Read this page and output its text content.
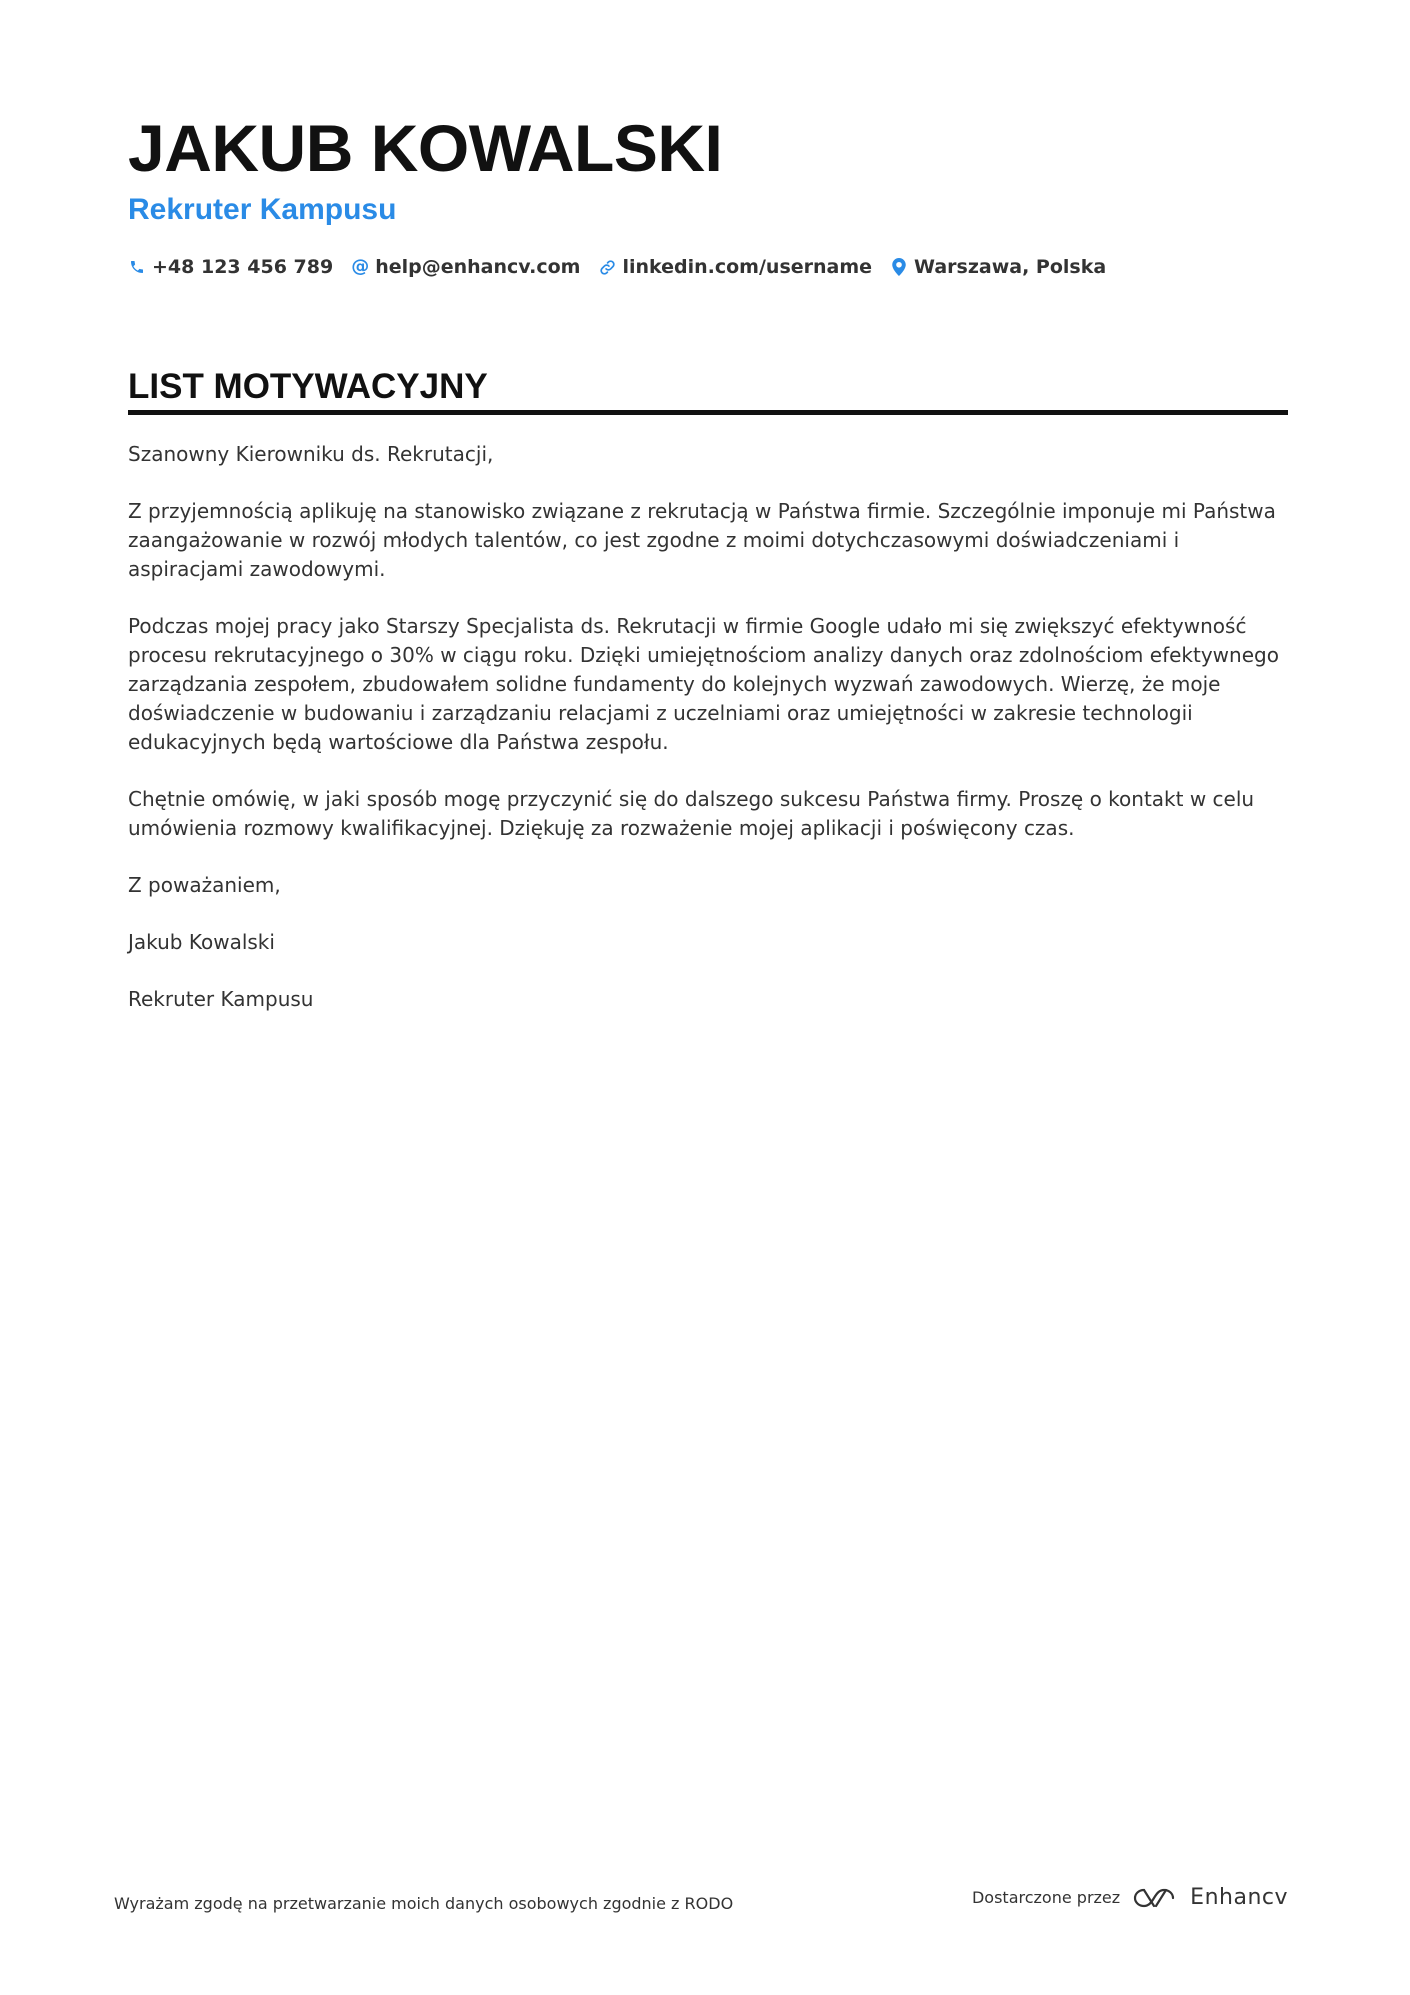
JAKUB KOWALSKI
Rekruter Kampusu
+48 123 456 789 @ help@enhancv.com linkedin.com/username Warszawa, Polska
LIST MOTYWACYJNY

Szanowny Kierowniku ds. Rekrutacji,

Z przyjemnością aplikuję na stanowisko związane z rekrutacją w Państwa firmie. Szczególnie imponuje mi Państwa zaangażowanie w rozwój młodych talentów, co jest zgodne z moimi dotychczasowymi doświadczeniami i aspiracjami zawodowymi.

Podczas mojej pracy jako Starszy Specjalista ds. Rekrutacji w firmie Google udało mi się zwiększyć efektywność procesu rekrutacyjnego o 30% w ciągu roku. Dzięki umiejętnościom analizy danych oraz zdolnościom efektywnego zarządzania zespołem, zbudowałem solidne fundamenty do kolejnych wyzwań zawodowych. Wierzę, że moje doświadczenie w budowaniu i zarządzaniu relacjami z uczelniami oraz umiejętności w zakresie technologii edukacyjnych będą wartościowe dla Państwa zespołu.

Chętnie omówię, w jaki sposób mogę przyczynić się do dalszego sukcesu Państwa firmy. Proszę o kontakt w celu umówienia rozmowy kwalifikacyjnej. Dziękuję za rozważenie mojej aplikacji i poświęcony czas.

Z poważaniem,

Jakub Kowalski

Rekruter Kampusu

Wyrażam zgodę na przetwarzanie moich danych osobowych zgodnie z RODO	Dostarczone przez	Enhancv
